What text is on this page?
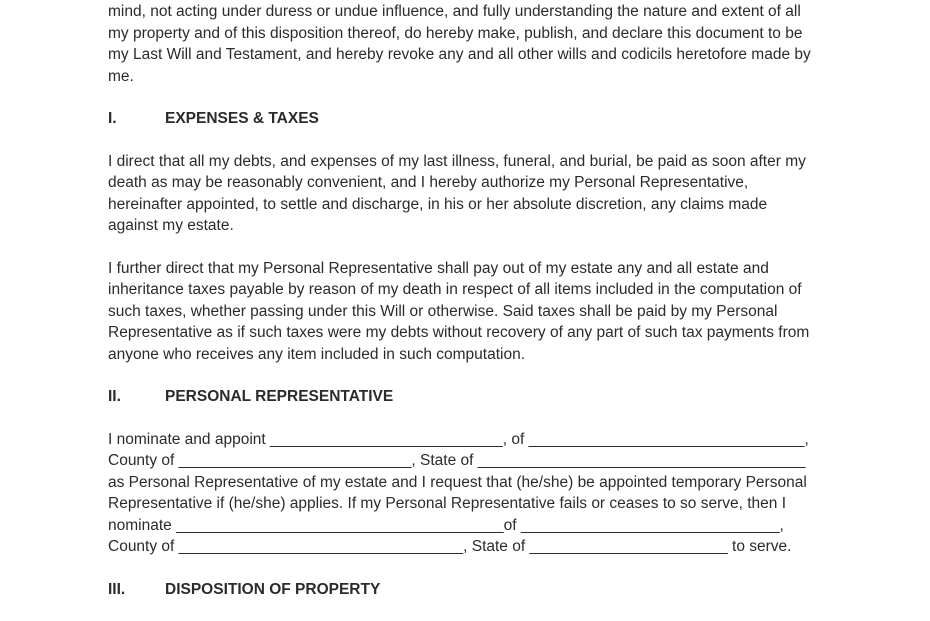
mind, not acting under duress or undue influence, and fully understanding the nature and extent of all my property and of this disposition thereof, do hereby make, publish, and declare this document to be my Last Will and Testament, and hereby revoke any and all other wills and codicils heretofore made by me.

I.	EXPENSES & TAXES

I direct that all my debts, and expenses of my last illness, funeral, and burial, be paid as soon after my death as may be reasonably convenient, and I hereby authorize my Personal Representative, hereinafter appointed, to settle and discharge, in his or her absolute discretion, any claims made against my estate.

I further direct that my Personal Representative shall pay out of my estate any and all estate and inheritance taxes payable by reason of my death in respect of all items included in the computation of such taxes, whether passing under this Will or otherwise. Said taxes shall be paid by my Personal Representative as if such taxes were my debts without recovery of any part of such tax payments from anyone who receives any item included in such computation.

II.	PERSONAL REPRESENTATIVE

I nominate and appoint ___________________________, of ________________________________, County of ___________________________, State of ______________________________________ as Personal Representative of my estate and I request that (he/she) be appointed temporary Personal Representative if (he/she) applies. If my Personal Representative fails or ceases to so serve, then I nominate ______________________________________of ______________________________, County of _________________________________, State of _______________________ to serve.

III.	DISPOSITION OF PROPERTY
